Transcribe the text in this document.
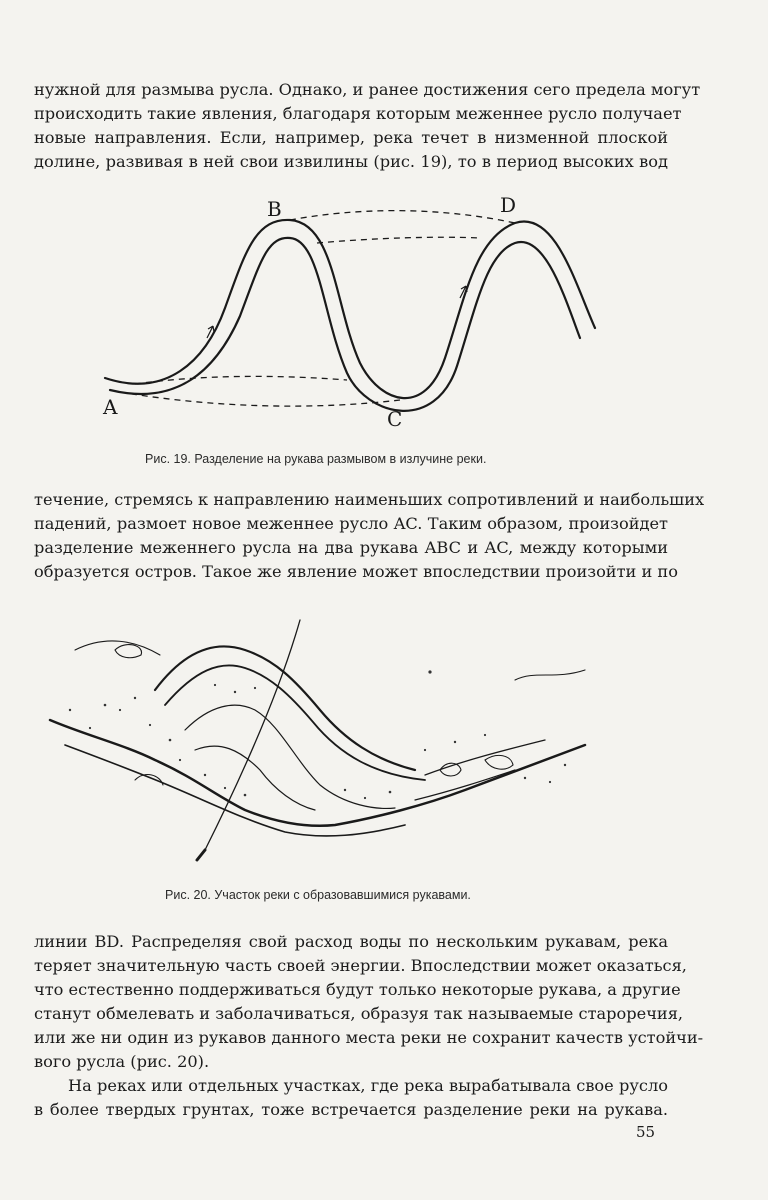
нужной для размыва русла. Однако, и ранее достижения сего предела могут
происходить такие явления, благодаря которым меженнее русло получает
новые направления. Если, например, река течет в низменной плоской
долине, развивая в ней свои извилины (рис. 19), то в период высоких вод
A
B
C
D
Рис. 19. Разделение на рукава размывом в излучине реки.
течение, стремясь к направлению наименьших сопротивлений и наибольших
падений, размоет новое меженнее русло AC. Таким образом, произойдет
разделение меженнего русла на два рукава ABC и AC, между которыми
образуется остров. Такое же явление может впоследствии произойти и по
Рис. 20. Участок реки с образовавшимися рукавами.
линии BD. Распределяя свой расход воды по нескольким рукавам, река
теряет значительную часть своей энергии. Впоследствии может оказаться,
что естественно поддерживаться будут только некоторые рукава, а другие
станут обмелевать и заболачиваться, образуя так называемые староречия,
или же ни один из рукавов данного места реки не сохранит качеств устойчи-
вого русла (рис. 20).
На реках или отдельных участках, где река вырабатывала свое русло
в более твердых грунтах, тоже встречается разделение реки на рукава.
55
